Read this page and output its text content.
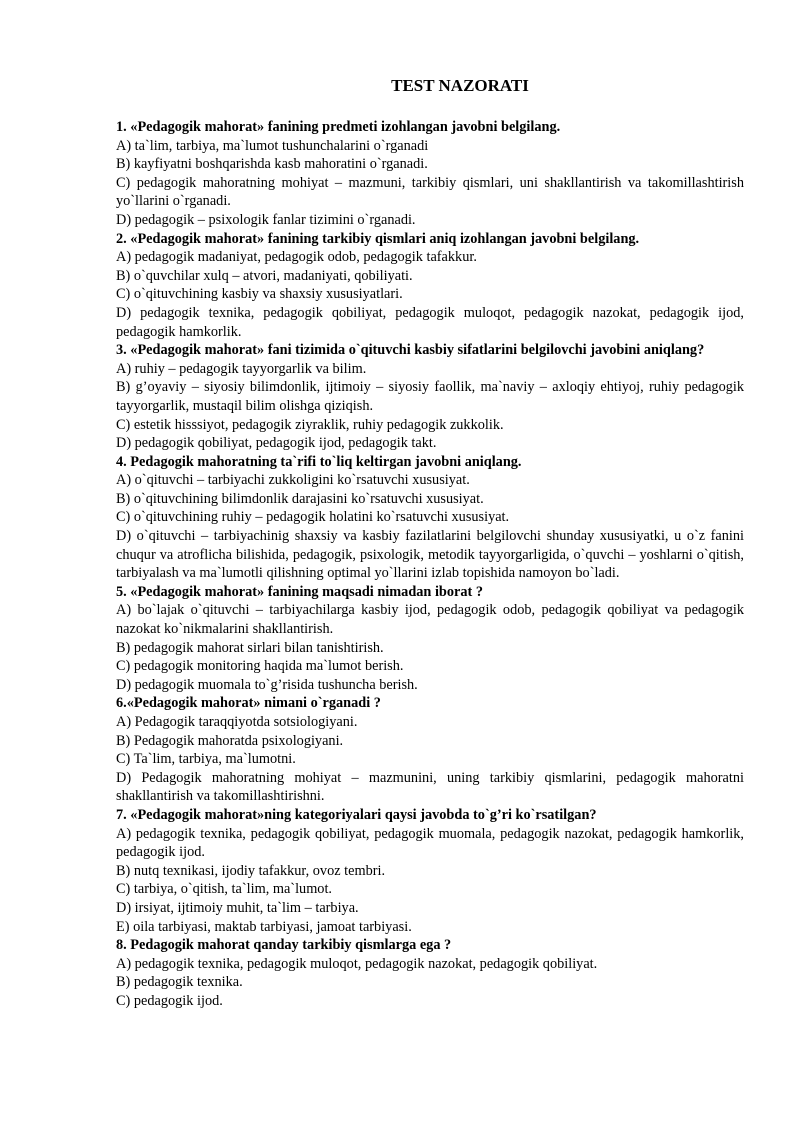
TEST NAZORATI
1. «Pedagogik mahorat» fanining predmeti izohlangan javobni belgilang.
A) ta`lim, tarbiya, ma`lumot tushunchalarini o`rganadi
B) kayfiyatni boshqarishda kasb mahoratini o`rganadi.
C) pedagogik mahoratning mohiyat – mazmuni, tarkibiy qismlari, uni shakllantirish va takomillashtirish yo`llarini o`rganadi.
D) pedagogik – psixologik fanlar tizimini o`rganadi.
2. «Pedagogik mahorat» fanining tarkibiy qismlari aniq izohlangan javobni belgilang.
A) pedagogik madaniyat, pedagogik odob, pedagogik tafakkur.
B) o`quvchilar xulq – atvori, madaniyati, qobiliyati.
C) o`qituvchining kasbiy va shaxsiy xususiyatlari.
D) pedagogik texnika, pedagogik qobiliyat, pedagogik muloqot, pedagogik nazokat, pedagogik ijod, pedagogik hamkorlik.
3. «Pedagogik mahorat» fani tizimida o`qituvchi kasbiy sifatlarini belgilovchi javobini aniqlang?
A) ruhiy – pedagogik tayyorgarlik va bilim.
B) g’oyaviy – siyosiy bilimdonlik, ijtimoiy – siyosiy faollik, ma`naviy – axloqiy ehtiyoj, ruhiy pedagogik tayyorgarlik, mustaqil bilim olishga qiziqish.
C) estetik hisssiyot, pedagogik ziyraklik, ruhiy pedagogik zukkolik.
D) pedagogik qobiliyat, pedagogik ijod, pedagogik takt.
4. Pedagogik mahoratning ta`rifi to`liq keltirgan javobni aniqlang.
A) o`qituvchi – tarbiyachi zukkoligini ko`rsatuvchi xususiyat.
B) o`qituvchining bilimdonlik darajasini ko`rsatuvchi xususiyat.
C) o`qituvchining ruhiy – pedagogik holatini ko`rsatuvchi xususiyat.
D) o`qituvchi – tarbiyachinig shaxsiy va kasbiy fazilatlarini belgilovchi shunday xususiyatki, u o`z fanini chuqur va atroflicha bilishida, pedagogik, psixologik, metodik tayyorgarligida, o`quvchi – yoshlarni o`qitish, tarbiyalash va ma`lumotli qilishning optimal yo`llarini izlab topishida namoyon bo`ladi.
5. «Pedagogik mahorat» fanining maqsadi nimadan iborat ?
A) bo`lajak o`qituvchi – tarbiyachilarga kasbiy ijod, pedagogik odob, pedagogik qobiliyat va pedagogik nazokat ko`nikmalarini shakllantirish.
B) pedagogik mahorat sirlari bilan tanishtirish.
C) pedagogik monitoring haqida ma`lumot berish.
D) pedagogik muomala to`g’risida tushuncha berish.
6.«Pedagogik mahorat» nimani o`rganadi ?
A) Pedagogik taraqqiyotda sotsiologiyani.
B) Pedagogik mahoratda psixologiyani.
C) Ta`lim, tarbiya, ma`lumotni.
D) Pedagogik mahoratning mohiyat – mazmunini, uning tarkibiy qismlarini, pedagogik mahoratni shakllantirish va takomillashtirishni.
7. «Pedagogik mahorat»ning kategoriyalari qaysi javobda to`g’ri ko`rsatilgan?
A) pedagogik texnika, pedagogik qobiliyat, pedagogik muomala, pedagogik nazokat, pedagogik hamkorlik, pedagogik ijod.
B) nutq texnikasi, ijodiy tafakkur, ovoz tembri.
C) tarbiya, o`qitish, ta`lim, ma`lumot.
D) irsiyat, ijtimoiy muhit, ta`lim – tarbiya.
E) oila tarbiyasi, maktab tarbiyasi, jamoat tarbiyasi.
8. Pedagogik mahorat qanday tarkibiy qismlarga ega ?
A) pedagogik texnika, pedagogik muloqot, pedagogik nazokat, pedagogik qobiliyat.
B) pedagogik texnika.
C) pedagogik ijod.
